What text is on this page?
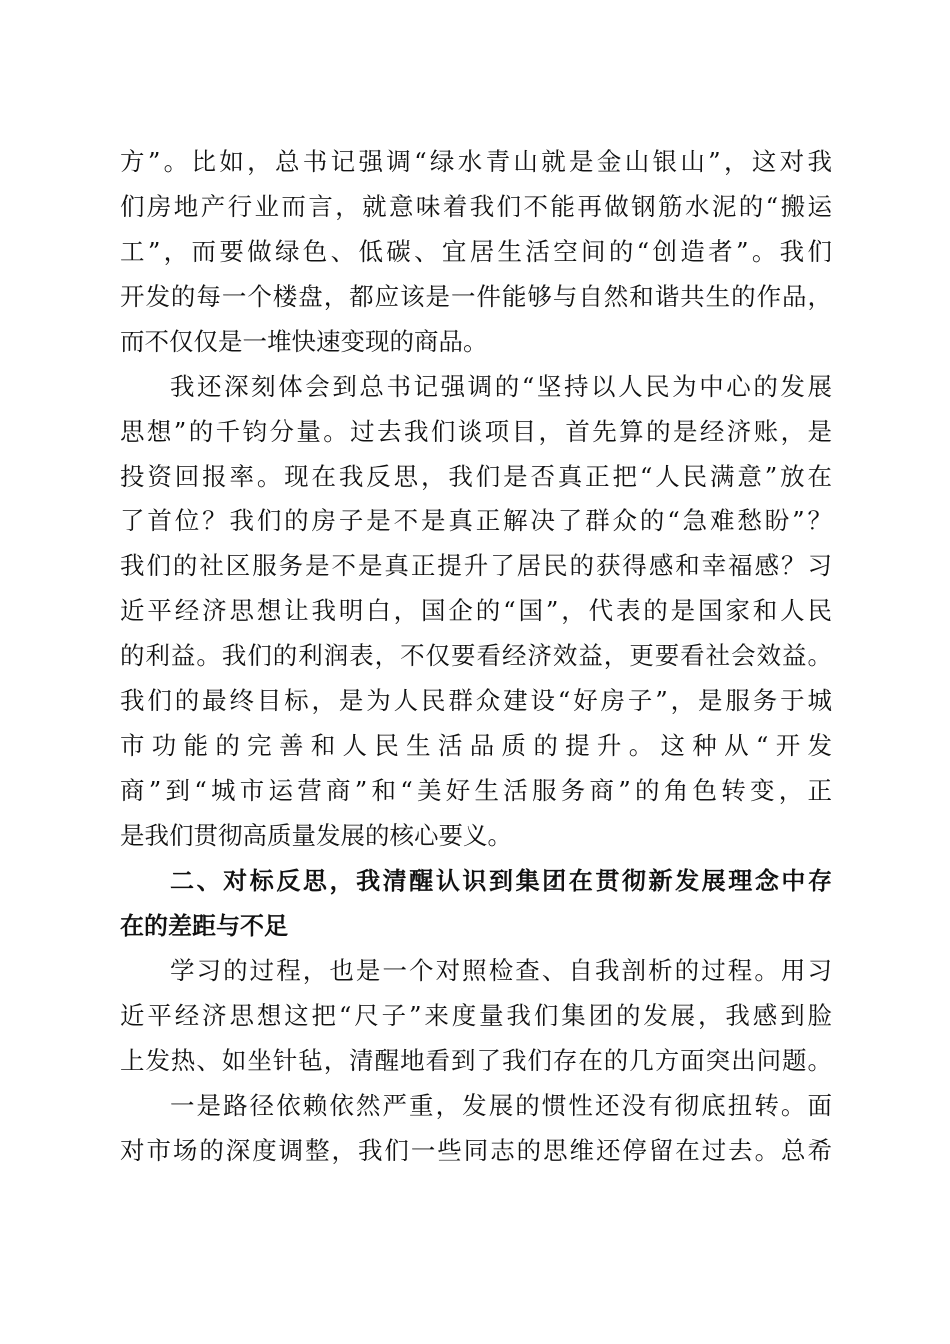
方”。比如，总书记强调“绿水青山就是金山银山”，这对我
们房地产行业而言，就意味着我们不能再做钢筋水泥的“搬运
工”，而要做绿色、低碳、宜居生活空间的“创造者”。我们
开发的每一个楼盘，都应该是一件能够与自然和谐共生的作品，
而不仅仅是一堆快速变现的商品。
我还深刻体会到总书记强调的“坚持以人民为中心的发展
思想”的千钧分量。过去我们谈项目，首先算的是经济账，是
投资回报率。现在我反思，我们是否真正把“人民满意”放在
了首位？我们的房子是不是真正解决了群众的“急难愁盼”？
我们的社区服务是不是真正提升了居民的获得感和幸福感？习
近平经济思想让我明白，国企的“国”，代表的是国家和人民
的利益。我们的利润表，不仅要看经济效益，更要看社会效益。
我们的最终目标，是为人民群众建设“好房子”，是服务于城
市功能的完善和人民生活品质的提升。这种从“开发
商”到“城市运营商”和“美好生活服务商”的角色转变，正
是我们贯彻高质量发展的核心要义。
二、对标反思，我清醒认识到集团在贯彻新发展理念中存
在的差距与不足
学习的过程，也是一个对照检查、自我剖析的过程。用习
近平经济思想这把“尺子”来度量我们集团的发展，我感到脸
上发热、如坐针毡，清醒地看到了我们存在的几方面突出问题。
一是路径依赖依然严重，发展的惯性还没有彻底扭转。面
对市场的深度调整，我们一些同志的思维还停留在过去。总希
